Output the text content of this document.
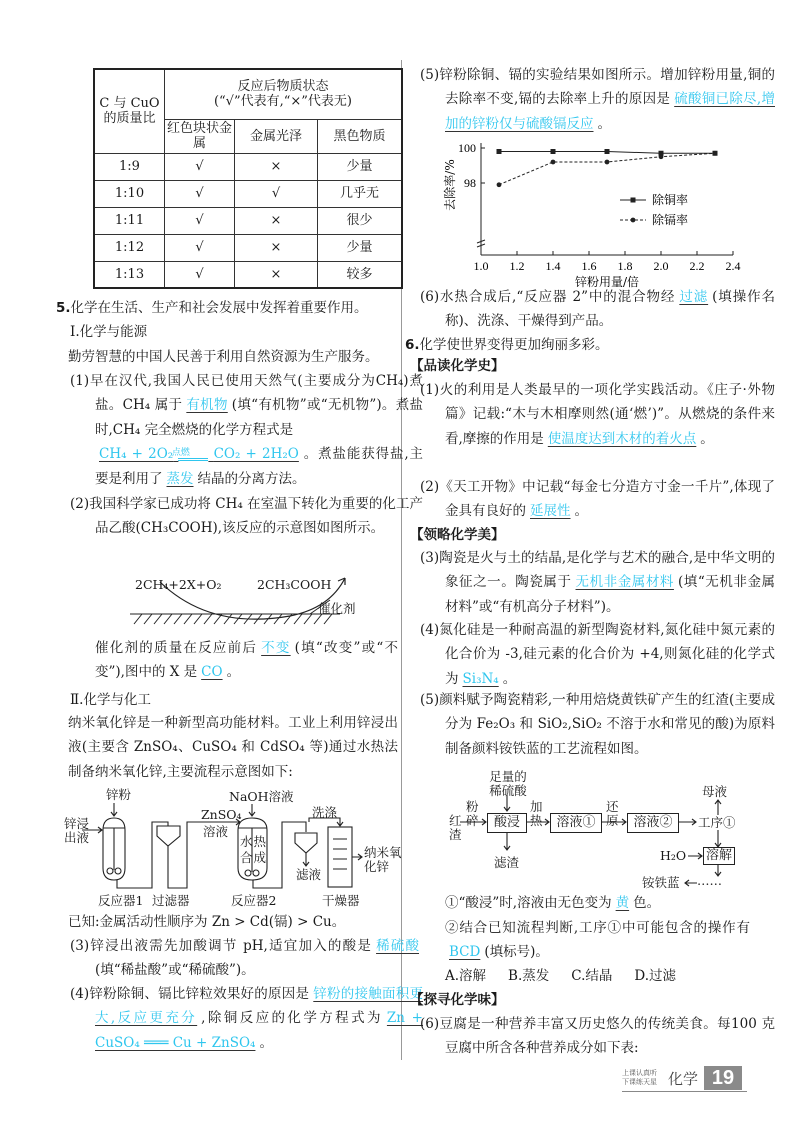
C 与 CuO 的质量比	反应后物质状态
(“√”代表有,“×”代表无)		

	红色块状金属	金属光泽	黑色物质
1:9	√	×	少量
1:10	√	√	几乎无
1:11	√	×	很少
1:12	√	×	少量
1:13	√	×	较多
5.化学在生活、生产和社会发展中发挥着重要作用。
Ⅰ.化学与能源
勤劳智慧的中国人民善于利用自然资源为生产服务。
(1)早在汉代,我国人民已使用天然气(主要成分为CH₄)煮盐。CH₄ 属于 有机物 (填“有机物”或“无机物”)。煮盐时,CH₄ 完全燃烧的化学方程式是
CH₄ + 2O₂ 点燃 CO₂ + 2H₂O 。煮盐能获得盐,主要是利用了 蒸发 结晶的分离方法。
(2)我国科学家已成功将 CH₄ 在室温下转化为重要的化工产品乙酸(CH₃COOH),该反应的示意图如图所示。
2CH₄+2X+O₂	2CH₃COOH
催化剂
催化剂的质量在反应前后 不变 (填“改变”或“不变”),图中的 X 是 CO 。
Ⅱ.化学与化工
纳米氧化锌是一种新型高功能材料。工业上利用锌浸出液(主要含 ZnSO₄、CuSO₄ 和 CdSO₄ 等)通过水热法制备纳米氧化锌,主要流程示意图如下:
锌粉
锌浸出液
ZnSO₄
溶液
NaOH溶液
水热
合成
洗涤
滤液
纳米氧化锌
反应器1 过滤器	反应器2	干燥器
已知:金属活动性顺序为 Zn > Cd(镉) > Cu。
(3)锌浸出液需先加酸调节 pH,适宜加入的酸是 稀硫酸(填“稀盐酸”或“稀硫酸”)。
(4)锌粉除铜、镉比锌粒效果好的原因是 锌粉的接触面积更大,反应更充分 ,除铜反应的化学方程式为 Zn + CuSO₄ ═══ Cu + ZnSO₄ 。
(5)锌粉除铜、镉的实验结果如图所示。增加锌粉用量,铜的去除率不变,镉的去除率上升的原因是 硫酸铜已除尽,增加的锌粉仅与硫酸镉反应 。
1.0 1.2 1.4 1.6 1.8 2.0 2.2 2.4
100
98
锌粉用量/倍
去除率/%	除铜率
除镉率
(6)水热合成后,“反应器 2”中的混合物经 过滤 (填操作名称)、洗涤、干燥得到产品。
6.化学使世界变得更加绚丽多彩。
【品读化学史】
(1)火的利用是人类最早的一项化学实践活动。《庄子·外物篇》记载:“木与木相摩则然(通‘燃’)”。从燃烧的条件来看,摩擦的作用是 使温度达到木材的着火点 。
(2)《天工开物》中记载“每金七分造方寸金一千片”,体现了金具有良好的 延展性 。
【领略化学美】
(3)陶瓷是火与土的结晶,是化学与艺术的融合,是中华文明的象征之一。陶瓷属于 无机非金属材料 (填“无机非金属材料”或“有机高分子材料”)。
(4)氮化硅是一种耐高温的新型陶瓷材料,氮化硅中氮元素的化合价为 -3,硅元素的化合价为 +4,则氮化硅的化学式为 Si₃N₄ 。
(5)颜料赋予陶瓷精彩,一种用焙烧黄铁矿产生的红渣(主要成分为 Fe₂O₃ 和 SiO₂,SiO₂ 不溶于水和常见的酸)为原料制备颜料铵铁蓝的工艺流程如图。
足量的稀硫酸
红渣
粉碎	酸浸
加热	溶液①
还原	溶液②	工序①
母液
溶解
H₂O
铵铁蓝 ……
滤渣
①“酸浸”时,溶液由无色变为 黄 色。
②结合已知流程判断,工序①中可能包含的操作有BCD (填标号)。
A.溶解 B.蒸发 C.结晶 D.过滤
【探寻化学味】
(6)豆腐是一种营养丰富又历史悠久的传统美食。每100 克豆腐中所含各种营养成分如下表:
上课认真听
下课练天星 化学 19
